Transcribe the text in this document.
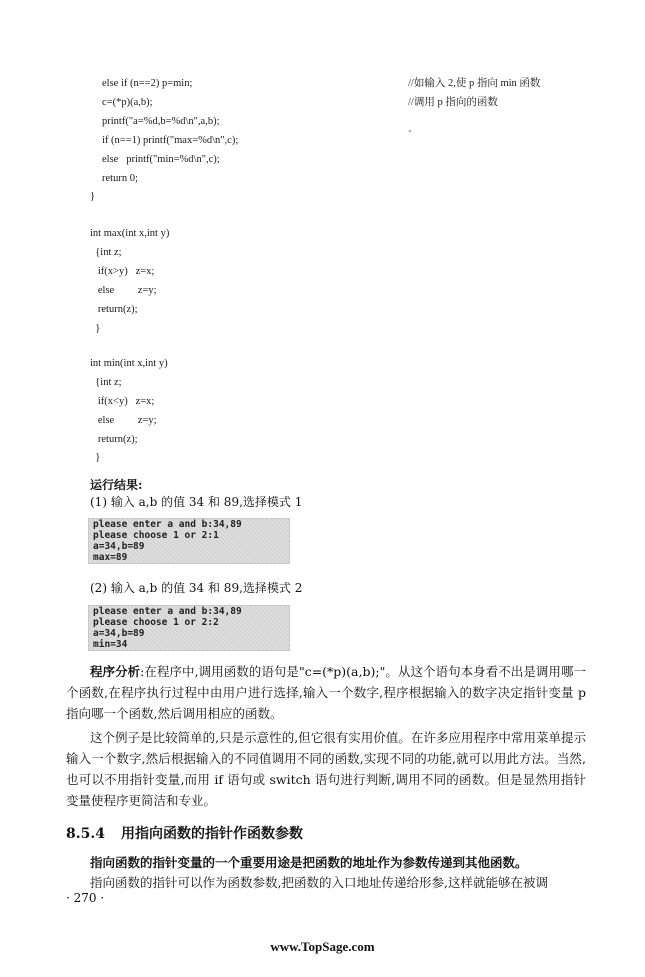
else if (n==2) p=min;
c=(*p)(a,b);
printf("a=%d,b=%d\n",a,b);
if (n==1) printf("max=%d\n",c);
else   printf("min=%d\n",c);
return 0;
}
//如输入 2,使 p 指向 min 函数
//调用 p 指向的函数
"
int max(int x,int y)
{int z;
if(x>y)   z=x;
else         z=y;
return(z);
}
int min(int x,int y)
{int z;
if(x<y)   z=x;
else         z=y;
return(z);
}
运行结果:
(1) 输入 a,b 的值 34 和 89,选择模式 1
please enter a and b:34,89
please choose 1 or 2:1
a=34,b=89
max=89
(2) 输入 a,b 的值 34 和 89,选择模式 2
please enter a and b:34,89
please choose 1 or 2:2
a=34,b=89
min=34
程序分析:在程序中,调用函数的语句是"c=(*p)(a,b);"。从这个语句本身看不出是调用哪一个函数,在程序执行过程中由用户进行选择,输入一个数字,程序根据输入的数字决定指针变量 p 指向哪一个函数,然后调用相应的函数。
这个例子是比较简单的,只是示意性的,但它很有实用价值。在许多应用程序中常用菜单提示输入一个数字,然后根据输入的不同值调用不同的函数,实现不同的功能,就可以用此方法。当然,也可以不用指针变量,而用 if 语句或 switch 语句进行判断,调用不同的函数。但是显然用指针变量使程序更简洁和专业。
8.5.4 用指向函数的指针作函数参数
指向函数的指针变量的一个重要用途是把函数的地址作为参数传递到其他函数。
指向函数的指针可以作为函数参数,把函数的入口地址传递给形参,这样就能够在被调
· 270 ·
www.TopSage.com
